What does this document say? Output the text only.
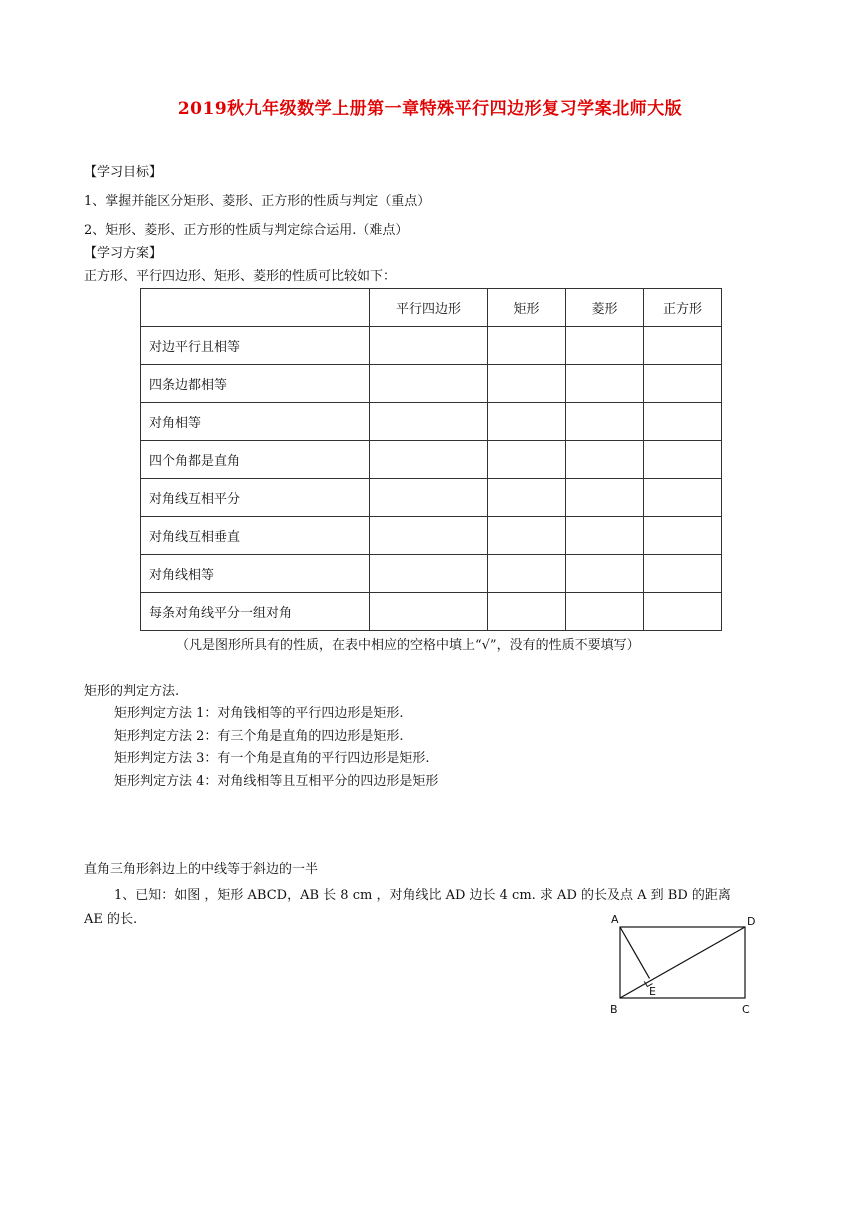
2019秋九年级数学上册第一章特殊平行四边形复习学案北师大版
【学习目标】
1、掌握并能区分矩形、菱形、正方形的性质与判定（重点）
2、矩形、菱形、正方形的性质与判定综合运用.（难点）
【学习方案】
正方形、平行四边形、矩形、菱形的性质可比较如下：
	平行四边形	矩形	菱形	正方形
对边平行且相等				
四条边都相等				
对角相等				
四个角都是直角				
对角线互相平分				
对角线互相垂直				
对角线相等				
每条对角线平分一组对角				
（凡是图形所具有的性质，在表中相应的空格中填上“√”，没有的性质不要填写）
矩形的判定方法.
矩形判定方法 1：对角钱相等的平行四边形是矩形.
矩形判定方法 2：有三个角是直角的四边形是矩形.
矩形判定方法 3：有一个角是直角的平行四边形是矩形.
矩形判定方法 4：对角线相等且互相平分的四边形是矩形
直角三角形斜边上的中线等于斜边的一半
1、已知：如图 ，矩形 ABCD，AB 长 8 cm ，对角线比 AD 边长 4 cm. 求 AD 的长及点 A 到 BD 的距离
AE 的长.	A	D
B	C
E
